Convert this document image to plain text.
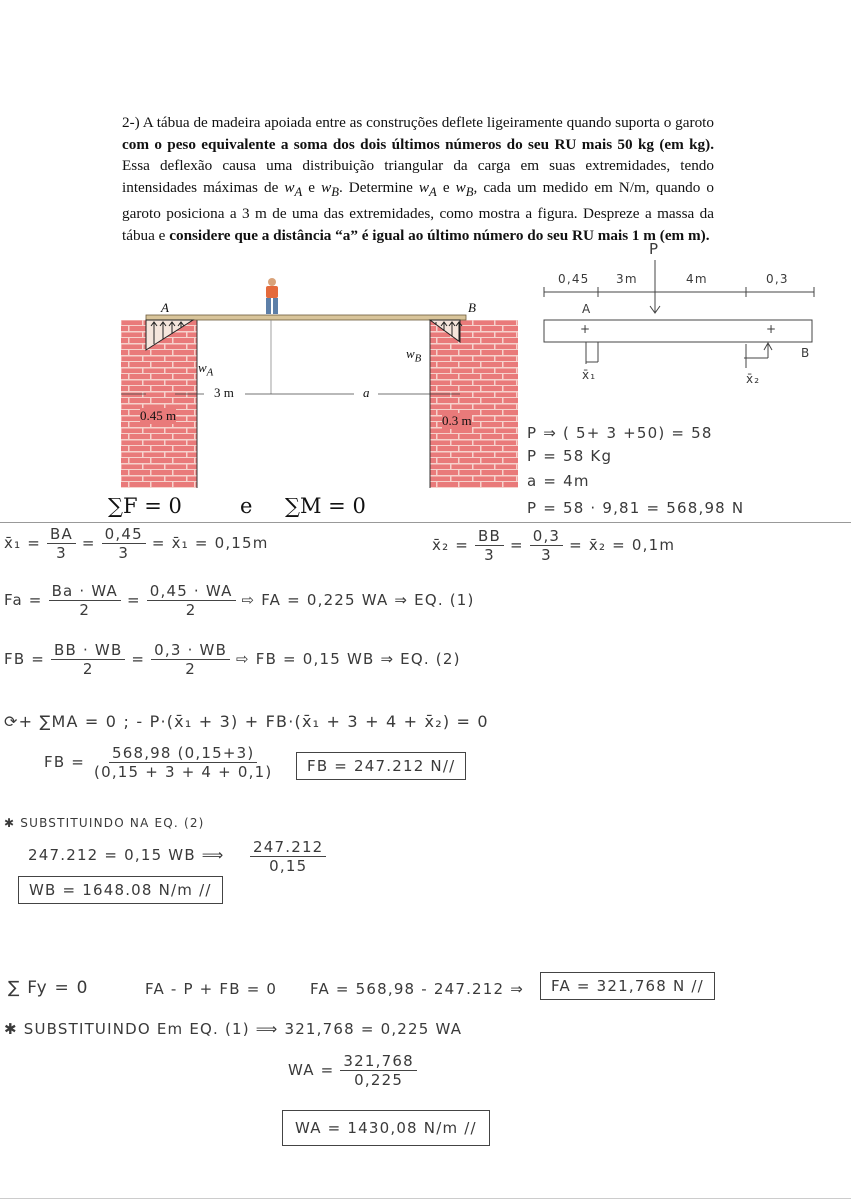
2-) A tábua de madeira apoiada entre as construções deflete ligeiramente quando suporta o garoto com o peso equivalente a soma dos dois últimos números do seu RU mais 50 kg (em kg). Essa deflexão causa uma distribuição triangular da carga em suas extremidades, tendo intensidades máximas de $w_A$ e $w_B$. Determine $w_A$ e $w_B$, cada um medido em N/m, quando o garoto posiciona a 3 m de uma das extremidades, como mostra a figura. Despreze a massa da tábua e considere que a distância “a” é igual ao último número do seu RU mais 1 m (em m).
A	B
$w_A$
$w_B$
3 m	a
0.45 m	0.3 m
P
0,45 3m	4m	0,3
A
+	+
B
x̄₁	x̄₂
P ⇒ ( 5+ 3 +50) = 58
P = 58 Kg
a = 4m
P = 58 · 9,81 = 568,98 N
∑F = 0	e ∑M = 0
x̄₁ = $\frac{BA}{3} = \frac{0,45}{3}$ = x̄₁ = 0,15m	x̄₂ = $\frac{BB}{3} = \frac{0,3}{3}$ = x̄₂ = 0,1m
$Fa = \frac{Ba \cdot WA}{2} = \frac{0,45 \cdot WA}{2}$ ⇨ FA = 0,225 WA ⇒ EQ. (1)
FB = $\frac{BB \cdot WB}{2} = \frac{0,3 \cdot WB}{2}$ ⇨ FB = 0,15 WB ⇒ EQ. (2)
⟳+ ∑MA = 0 ; - P·(x̄₁ + 3) + FB·(x̄₁ + 3 + 4 + x̄₂) = 0
FB = $\frac{568,98 (0,15+3)}{(0,15 + 3 + 4 + 0,1)}$	FB = 247.212 N//
✱ SUBSTITUINDO NA EQ. (2)
247.212 = 0,15 WB ⟹ $\frac{247.212}{0,15}$
WB = 1648.08 N/m //
∑ Fy = 0	FA - P + FB = 0 FA = 568,98 - 247.212 ⇒	FA = 321,768 N //
✱ SUBSTITUINDO Em EQ. (1) ⟹ 321,768 = 0,225 WA
WA = $\frac{321,768}{0,225}$
WA = 1430,08 N/m //
